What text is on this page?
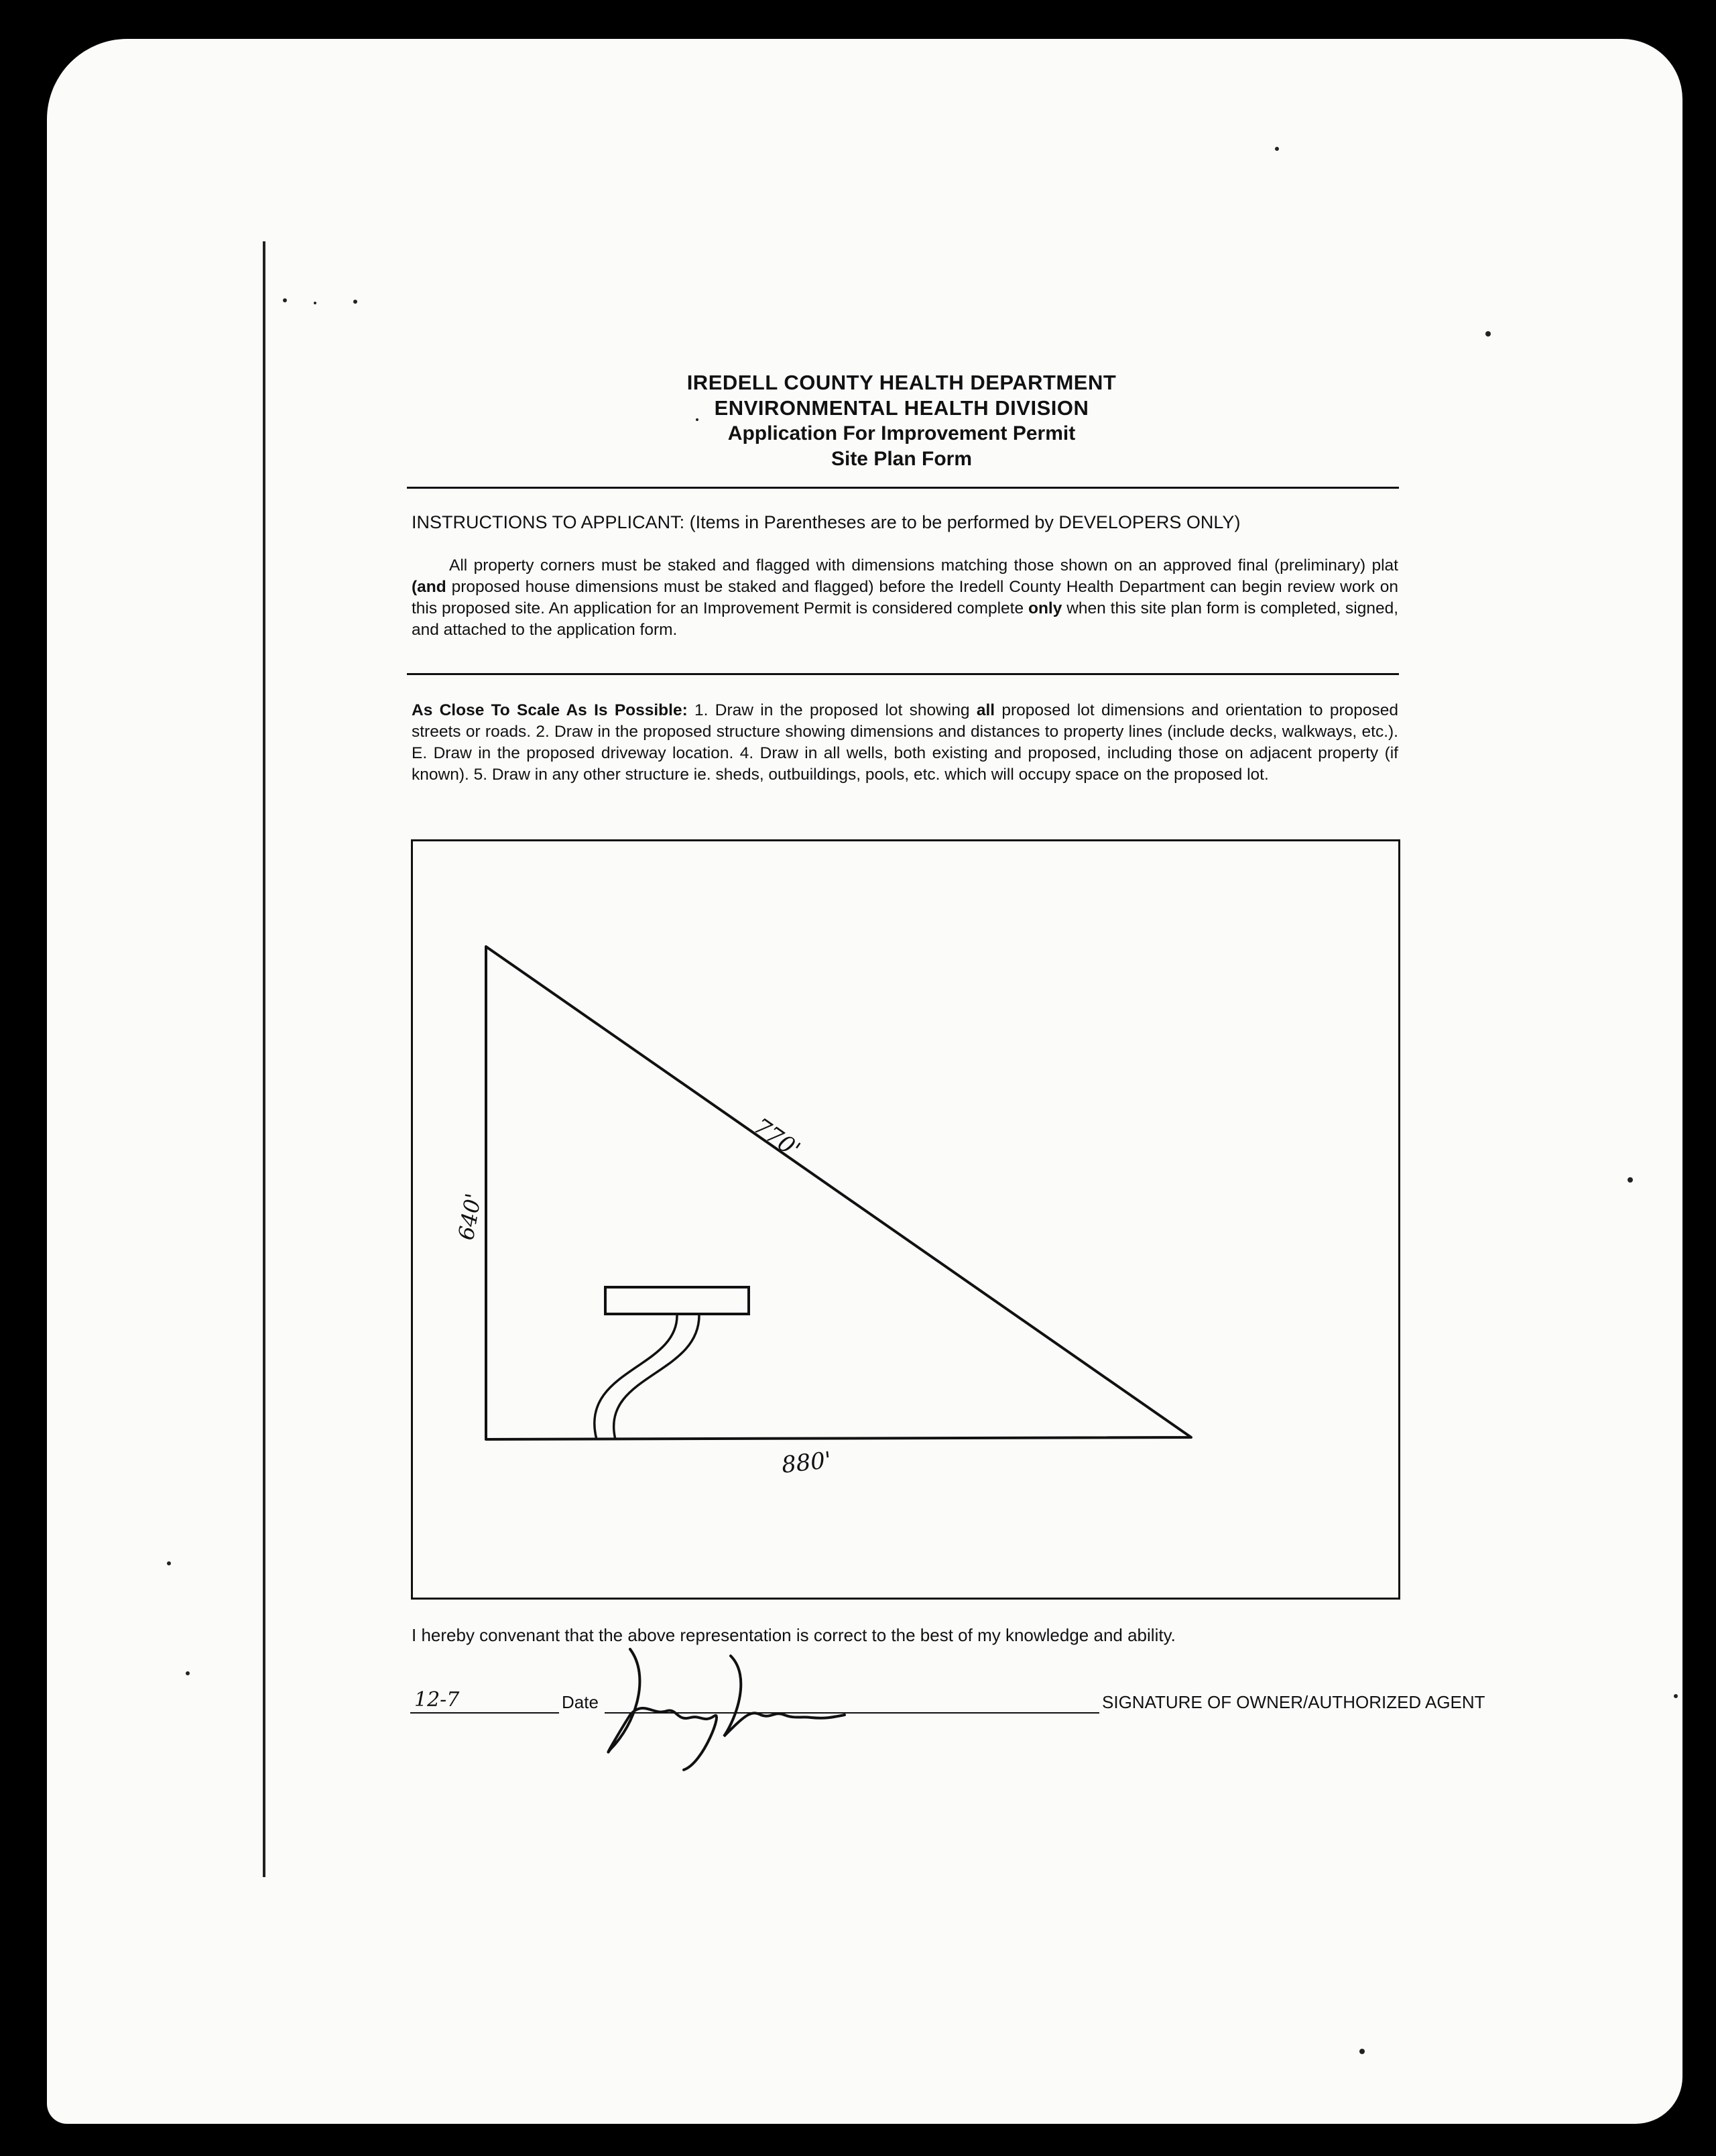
IREDELL COUNTY HEALTH DEPARTMENT
ENVIRONMENTAL HEALTH DIVISION
Application For Improvement Permit
Site Plan Form
INSTRUCTIONS TO APPLICANT: (Items in Parentheses are to be performed by DEVELOPERS ONLY)

All property corners must be staked and flagged with dimensions matching those shown on an approved final (preliminary) plat (and proposed house dimensions must be staked and flagged) before the Iredell County Health Department can begin review work on this proposed site. An application for an Improvement Permit is considered complete only when this site plan form is completed, signed, and attached to the application form.

As Close To Scale As Is Possible: 1. Draw in the proposed lot showing all proposed lot dimensions and orientation to proposed streets or roads. 2. Draw in the proposed structure showing dimensions and distances to property lines (include decks, walkways, etc.). E. Draw in the proposed driveway location. 4. Draw in all wells, both existing and proposed, including those on adjacent property (if known). 5. Draw in any other structure ie. sheds, outbuildings, pools, etc. which will occupy space on the proposed lot.

770'
640'
880'
I hereby convenant that the above representation is correct to the best of my knowledge and ability.
12-7	Date	SIGNATURE OF OWNER/AUTHORIZED AGENT
